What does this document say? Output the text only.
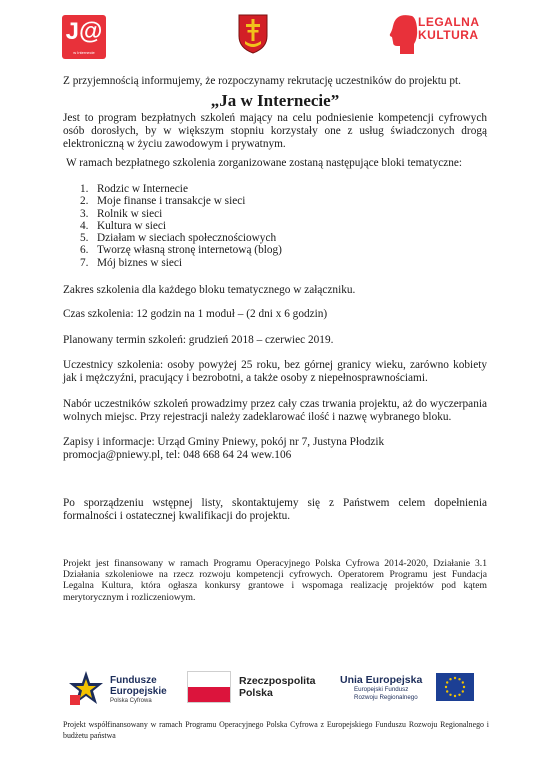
J@
w Internecie
LEGALNA
KULTURA
Z przyjemnością informujemy, że rozpoczynamy rekrutację uczestników do projektu pt.
„Ja w Internecie”
Jest to program bezpłatnych szkoleń mający na celu podniesienie kompetencji cyfrowych osób dorosłych, by w większym stopniu korzystały one z usług świadczonych drogą elektroniczną w życiu zawodowym i prywatnym.
W ramach bezpłatnego szkolenia zorganizowane zostaną następujące bloki tematyczne:
1. Rodzic w Internecie
2. Moje finanse i transakcje w sieci
3. Rolnik w sieci
4. Kultura w sieci
5. Działam w sieciach społecznościowych
6. Tworzę własną stronę internetową (blog)
7. Mój biznes w sieci
Zakres szkolenia dla każdego bloku tematycznego w załączniku.
Czas szkolenia: 12 godzin na 1 moduł – (2 dni x 6 godzin)
Planowany termin szkoleń: grudzień 2018 – czerwiec 2019.
Uczestnicy szkolenia: osoby powyżej 25 roku, bez górnej granicy wieku, zarówno kobiety jak i mężczyźni, pracujący i bezrobotni, a także osoby z niepełnosprawnościami.
Nabór uczestników szkoleń prowadzimy przez cały czas trwania projektu, aż do wyczerpania wolnych miejsc. Przy rejestracji należy zadeklarować ilość i nazwę wybranego bloku.
Zapisy i informacje: Urząd Gminy Pniewy, pokój nr 7, Justyna Płodzik promocja@pniewy.pl, tel: 048 668 64 24 wew.106
Po sporządzeniu wstępnej listy, skontaktujemy się z Państwem celem dopełnienia formalności i ostatecznej kwalifikacji do projektu.
Projekt jest finansowany w ramach Programu Operacyjnego Polska Cyfrowa 2014-2020, Działanie 3.1 Działania szkoleniowe na rzecz rozwoju kompetencji cyfrowych. Operatorem Programu jest Fundacja Legalna Kultura, która ogłasza konkursy grantowe i wspomaga realizację projektów pod kątem merytorycznym i rozliczeniowym.
Fundusze
Europejskie
Polska Cyfrowa
Rzeczpospolita
Polska
Unia Europejska
Europejski Fundusz
Rozwoju Regionalnego
Projekt współfinansowany w ramach Programu Operacyjnego Polska Cyfrowa z Europejskiego Funduszu Rozwoju Regionalnego i budżetu państwa
